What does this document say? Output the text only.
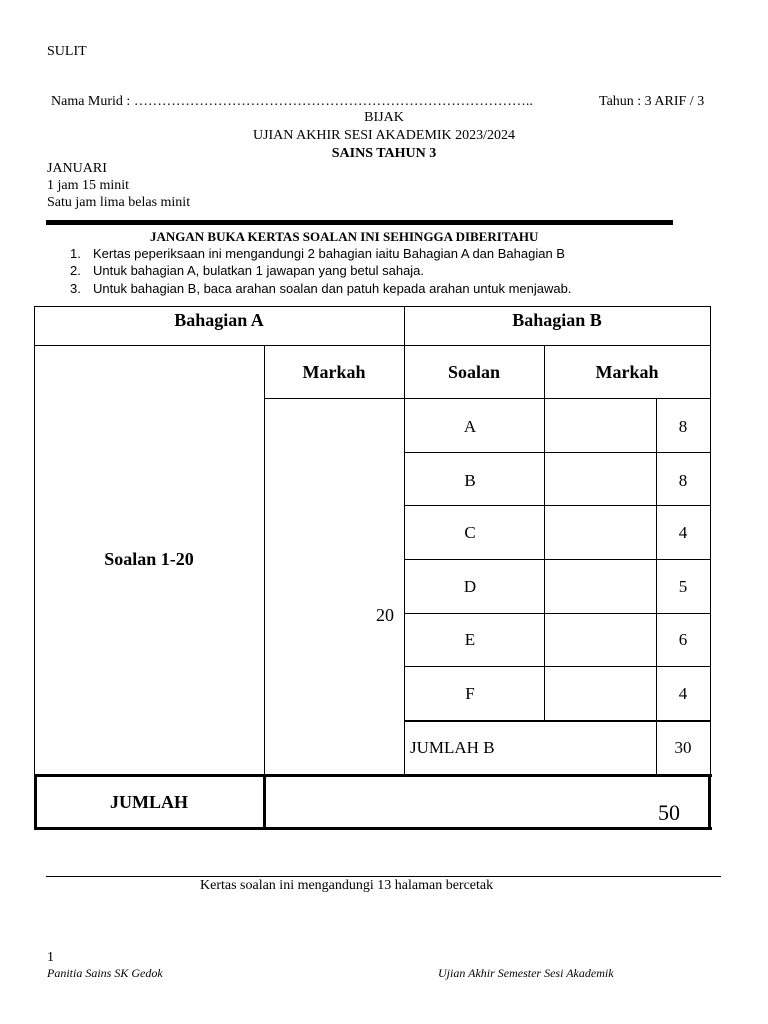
SULIT
Nama Murid : …………………………………………………………………………..	Tahun : 3 ARIF / 3
BIJAK
UJIAN AKHIR SESI AKADEMIK 2023/2024
SAINS TAHUN 3
JANUARI
1 jam 15 minit
Satu jam lima belas minit
JANGAN BUKA KERTAS SOALAN INI SEHINGGA DIBERITAHU
1. Kertas peperiksaan ini mengandungi 2 bahagian iaitu Bahagian A dan Bahagian B
2. Untuk bahagian A, bulatkan 1 jawapan yang betul sahaja.
3. Untuk bahagian B, baca arahan soalan dan patuh kepada arahan untuk menjawab.
Bahagian A	Bahagian B
Markah	Soalan	Markah
Soalan 1-20
20
A	8
B	8
C	4
D	5
E	6
F	4
JUMLAH B	30
JUMLAH	50
Kertas soalan ini mengandungi 13 halaman bercetak
1
Panitia Sains SK Gedok	Ujian Akhir Semester Sesi Akademik
